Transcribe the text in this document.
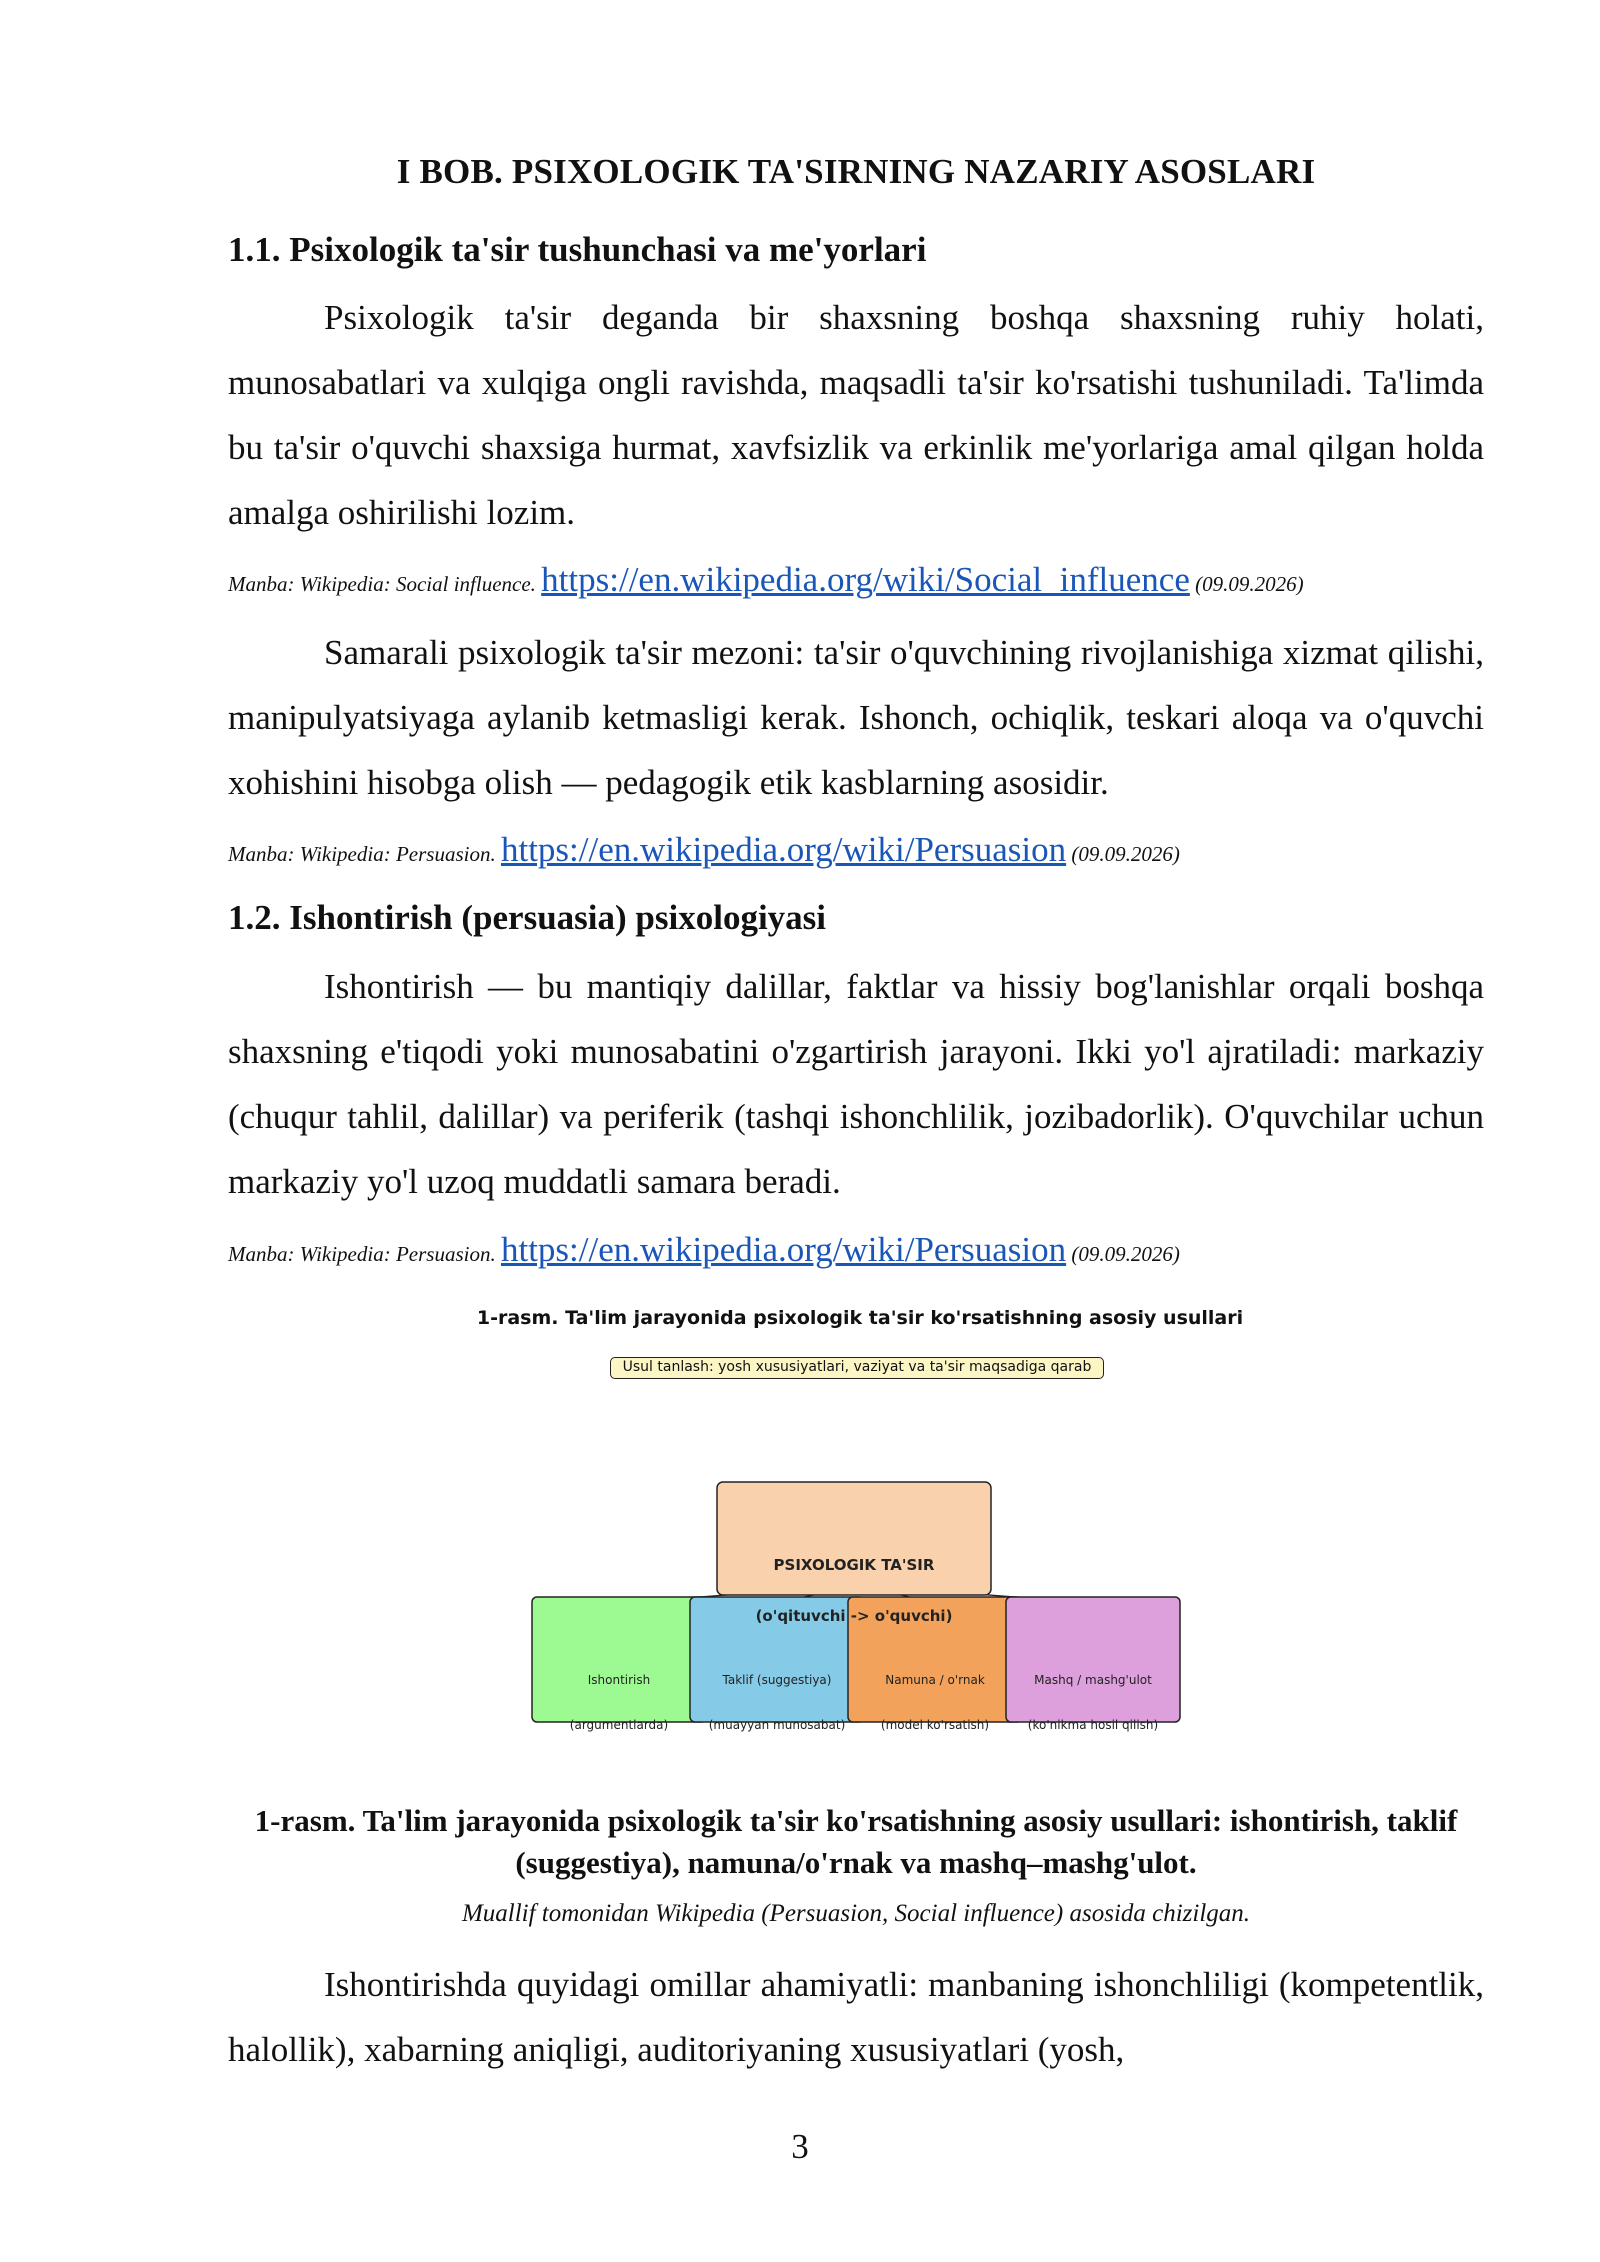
I BOB. PSIXOLOGIK TA'SIRNING NAZARIY ASOSLARI
1.1. Psixologik ta'sir tushunchasi va me'yorlari

Psixologik ta'sir deganda bir shaxsning boshqa shaxsning ruhiy holati, munosabatlari va xulqiga ongli ravishda, maqsadli ta'sir ko'rsatishi tushuniladi. Ta'limda bu ta'sir o'quvchi shaxsiga hurmat, xavfsizlik va erkinlik me'yorlariga amal qilgan holda amalga oshirilishi lozim.

Manba: Wikipedia: Social influence. https://en.wikipedia.org/wiki/Social_influence (09.09.2026)

Samarali psixologik ta'sir mezoni: ta'sir o'quvchining rivojlanishiga xizmat qilishi, manipulyatsiyaga aylanib ketmasligi kerak. Ishonch, ochiqlik, teskari aloqa va o'quvchi xohishini hisobga olish — pedagogik etik kasblarning asosidir.

Manba: Wikipedia: Persuasion. https://en.wikipedia.org/wiki/Persuasion (09.09.2026)
1.2. Ishontirish (persuasia) psixologiyasi

Ishontirish — bu mantiqiy dalillar, faktlar va hissiy bog'lanishlar orqali boshqa shaxsning e'tiqodi yoki munosabatini o'zgartirish jarayoni. Ikki yo'l ajratiladi: markaziy (chuqur tahlil, dalillar) va periferik (tashqi ishonchlilik, jozibadorlik). O'quvchilar uchun markaziy yo'l uzoq muddatli samara beradi.

Manba: Wikipedia: Persuasion. https://en.wikipedia.org/wiki/Persuasion (09.09.2026)
1-rasm. Ta'lim jarayonida psixologik ta'sir ko'rsatishning asosiy usullari
Usul tanlash: yosh xususiyatlari, vaziyat va ta'sir maqsadiga qarab

PSIXOLOGIK TA'SIR

(o'qituvchi -> o'quvchi)

Ishontirish

(argumentlarda)

Taklif (suggestiya)

(muayyan munosabat)

Namuna / o'rnak

(model ko'rsatish)

Mashq / mashg'ulot

(ko'nikma hosil qilish)

1-rasm. Ta'lim jarayonida psixologik ta'sir ko'rsatishning asosiy usullari: ishontirish, taklif (suggestiya), namuna/o'rnak va mashq–mashg'ulot.
Muallif tomonidan Wikipedia (Persuasion, Social influence) asosida chizilgan.

Ishontirishda quyidagi omillar ahamiyatli: manbaning ishonchliligi (kompetentlik, halollik), xabarning aniqligi, auditoriyaning xususiyatlari (yosh,

3
